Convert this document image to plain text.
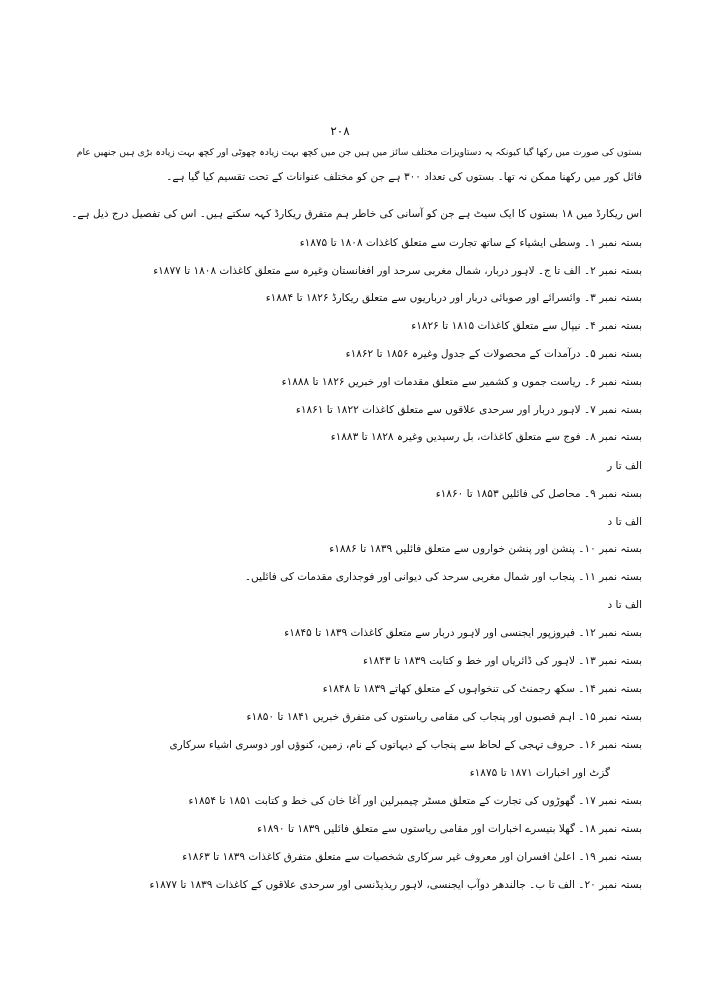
۲۰۸
بستوں کی صورت میں رکھا گیا کیونکہ یہ دستاویزات مختلف سائز میں ہیں جن میں کچھ بہت زیادہ چھوٹی اور کچھ بہت زیادہ بڑی ہیں جنھیں عام
فائل کور میں رکھنا ممکن نہ تھا۔ بستوں کی تعداد ۳۰۰ ہے جن کو مختلف عنوانات کے تحت تقسیم کیا گیا ہے۔
اس ریکارڈ میں ۱۸ بستوں کا ایک سیٹ ہے جن کو آسانی کی خاطر ہم متفرق ریکارڈ کہہ سکتے ہیں۔ اس کی تفصیل درج ذیل ہے۔
بستہ نمبر ۱۔ وسطی ایشیاء کے ساتھ تجارت سے متعلق کاغذات ۱۸۰۸ تا ۱۸۷۵ء
بستہ نمبر ۲۔ الف تا ج۔ لاہور دربار، شمال مغربی سرحد اور افغانستان وغیرہ سے متعلق کاغذات ۱۸۰۸ تا ۱۸۷۷ء
بستہ نمبر ۳۔ وائسرائے اور صوبائی دربار اور درباریوں سے متعلق ریکارڈ ۱۸۲۶ تا ۱۸۸۴ء
بستہ نمبر ۴۔ نیپال سے متعلق کاغذات ۱۸۱۵ تا ۱۸۲۶ء
بستہ نمبر ۵۔ درآمدات کے محصولات کے جدول وغیرہ ۱۸۵۶ تا ۱۸۶۲ء
بستہ نمبر ۶۔ ریاست جموں و کشمیر سے متعلق مقدمات اور خبریں ۱۸۲۶ تا ۱۸۸۸ء
بستہ نمبر ۷۔ لاہور دربار اور سرحدی علاقوں سے متعلق کاغذات ۱۸۲۲ تا ۱۸۶۱ء
بستہ نمبر ۸۔ فوج سے متعلق کاغذات، بل رسیدیں وغیرہ ۱۸۲۸ تا ۱۸۸۳ء
الف تا ر
بستہ نمبر ۹۔ محاصل کی فائلیں ۱۸۵۳ تا ۱۸۶۰ء
الف تا د
بستہ نمبر ۱۰۔ پنشن اور پنشن خواروں سے متعلق فائلیں ۱۸۳۹ تا ۱۸۸۶ء
بستہ نمبر ۱۱۔ پنجاب اور شمال مغربی سرحد کی دیوانی اور فوجداری مقدمات کی فائلیں۔
الف تا د
بستہ نمبر ۱۲۔ فیروزپور ایجنسی اور لاہور دربار سے متعلق کاغذات ۱۸۳۹ تا ۱۸۴۵ء
بستہ نمبر ۱۳۔ لاہور کی ڈائریاں اور خط و کتابت ۱۸۳۹ تا ۱۸۴۳ء
بستہ نمبر ۱۴۔ سکھ رجمنٹ کی تنخواہوں کے متعلق کھاتے ۱۸۳۹ تا ۱۸۴۸ء
بستہ نمبر ۱۵۔ اہم قصبوں اور پنجاب کی مقامی ریاستوں کی متفرق خبریں ۱۸۴۱ تا ۱۸۵۰ء
بستہ نمبر ۱۶۔ حروف تہجی کے لحاظ سے پنجاب کے دیہاتوں کے نام، زمین، کنوؤں اور دوسری اشیاء سرکاری
گزٹ اور اخبارات ۱۸۷۱ تا ۱۸۷۵ء
بستہ نمبر ۱۷۔ گھوڑوں کی تجارت کے متعلق مسٹر چیمبرلین اور آغا خان کی خط و کتابت ۱۸۵۱ تا ۱۸۵۴ء
بستہ نمبر ۱۸۔ گھلا بتیسرے اخبارات اور مقامی ریاستوں سے متعلق فائلیں ۱۸۳۹ تا ۱۸۹۰ء
بستہ نمبر ۱۹۔ اعلیٰ افسران اور معروف غیر سرکاری شخصیات سے متعلق متفرق کاغذات ۱۸۳۹ تا ۱۸۶۳ء
بستہ نمبر ۲۰۔ الف تا ب۔ جالندھر دوآب ایجنسی، لاہور ریذیڈنسی اور سرحدی علاقوں کے کاغذات ۱۸۳۹ تا ۱۸۷۷ء
